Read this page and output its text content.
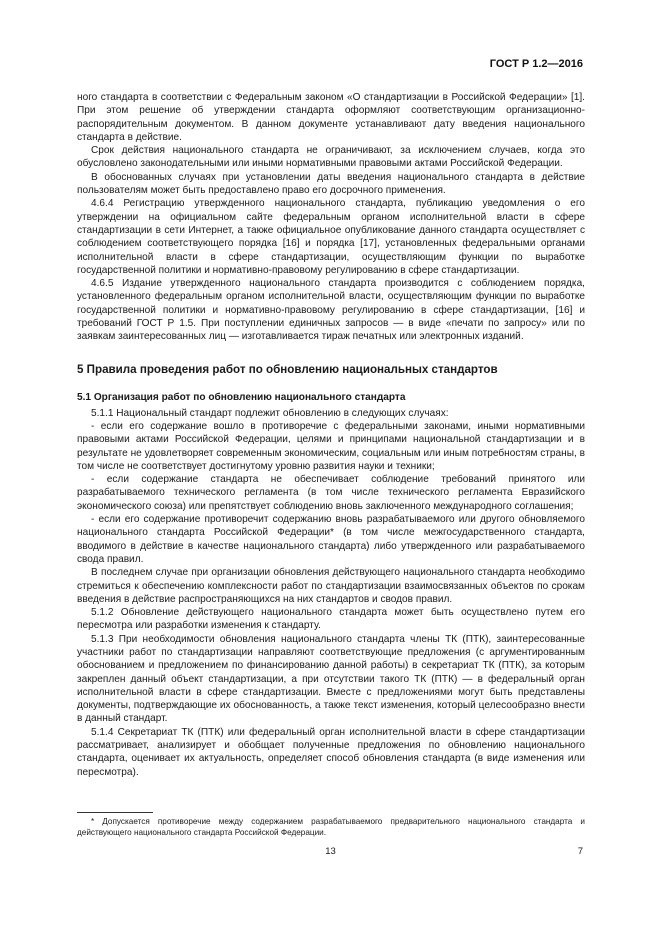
ГОСТ Р 1.2—2016

ного стандарта в соответствии с Федеральным законом «О стандартизации в Российской Федерации» [1]. При этом решение об утверждении стандарта оформляют соответствующим организационно-распорядительным документом. В данном документе устанавливают дату введения национального стандарта в действие.

Срок действия национального стандарта не ограничивают, за исключением случаев, когда это обусловлено законодательными или иными нормативными правовыми актами Российской Федерации.

В обоснованных случаях при установлении даты введения национального стандарта в действие пользователям может быть предоставлено право его досрочного применения.

4.6.4 Регистрацию утвержденного национального стандарта, публикацию уведомления о его утверждении на официальном сайте федеральным органом исполнительной власти в сфере стандартизации в сети Интернет, а также официальное опубликование данного стандарта осуществляет с соблюдением соответствующего порядка [16] и порядка [17], установленных федеральными органами исполнительной власти в сфере стандартизации, осуществляющим функции по выработке государственной политики и нормативно-правовому регулированию в сфере стандартизации.

4.6.5 Издание утвержденного национального стандарта производится с соблюдением порядка, установленного федеральным органом исполнительной власти, осуществляющим функции по выработке государственной политики и нормативно-правовому регулированию в сфере стандартизации, [16] и требований ГОСТ Р 1.5. При поступлении единичных запросов — в виде «печати по запросу» или по заявкам заинтересованных лиц — изготавливается тираж печатных или электронных изданий.

5 Правила проведения работ по обновлению национальных стандартов
5.1 Организация работ по обновлению национального стандарта

5.1.1 Национальный стандарт подлежит обновлению в следующих случаях:

- если его содержание вошло в противоречие с федеральными законами, иными нормативными правовыми актами Российской Федерации, целями и принципами национальной стандартизации и в результате не удовлетворяет современным экономическим, социальным или иным потребностям страны, в том числе не соответствует достигнутому уровню развития науки и техники;

- если содержание стандарта не обеспечивает соблюдение требований принятого или разрабатываемого технического регламента (в том числе технического регламента Евразийского экономического союза) или препятствует соблюдению вновь заключенного международного соглашения;

- если его содержание противоречит содержанию вновь разрабатываемого или другого обновляемого национального стандарта Российской Федерации* (в том числе межгосударственного стандарта, вводимого в действие в качестве национального стандарта) либо утвержденного или разрабатываемого свода правил.

В последнем случае при организации обновления действующего национального стандарта необходимо стремиться к обеспечению комплексности работ по стандартизации взаимосвязанных объектов по срокам введения в действие распространяющихся на них стандартов и сводов правил.

5.1.2 Обновление действующего национального стандарта может быть осуществлено путем его пересмотра или разработки изменения к стандарту.

5.1.3 При необходимости обновления национального стандарта члены ТК (ПТК), заинтересованные участники работ по стандартизации направляют соответствующие предложения (с аргументированным обоснованием и предложением по финансированию данной работы) в секретариат ТК (ПТК), за которым закреплен данный объект стандартизации, а при отсутствии такого ТК (ПТК) — в федеральный орган исполнительной власти в сфере стандартизации. Вместе с предложениями могут быть представлены документы, подтверждающие их обоснованность, а также текст изменения, который целесообразно внести в данный стандарт.

5.1.4 Секретариат ТК (ПТК) или федеральный орган исполнительной власти в сфере стандартизации рассматривает, анализирует и обобщает полученные предложения по обновлению национального стандарта, оценивает их актуальность, определяет способ обновления стандарта (в виде изменения или пересмотра).

* Допускается противоречие между содержанием разрабатываемого предварительного национального стандарта и действующего национального стандарта Российской Федерации.
13	7
